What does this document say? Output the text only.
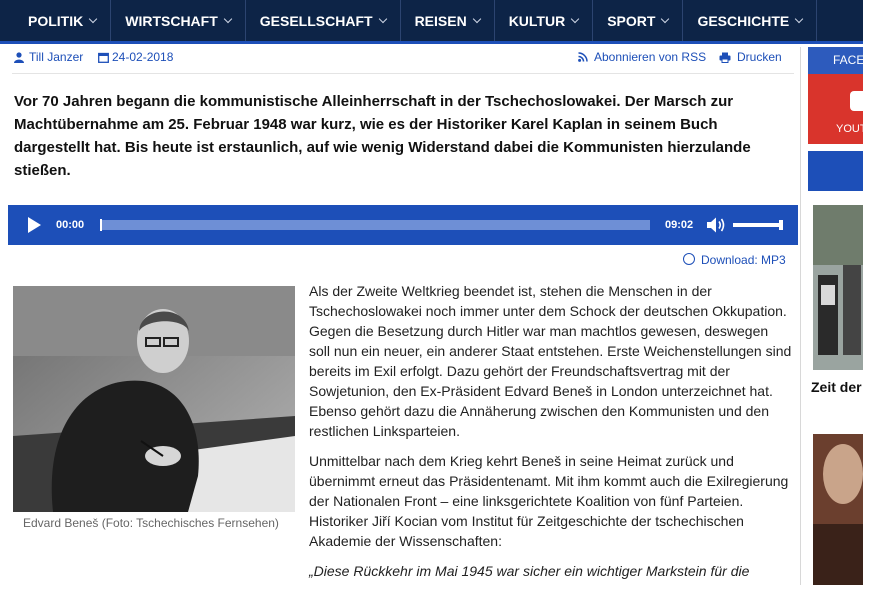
POLITIK	WIRTSCHAFT	GESELLSCHAFT	REISEN	KULTUR	SPORT	GESCHICHTE
Till Janzer 24-02-2018	Abonnieren von RSS	Drucken
Vor 70 Jahren begann die kommunistische Alleinherrschaft in der Tschechoslowakei. Der Marsch zur Machtübernahme am 25. Februar 1948 war kurz, wie es der Historiker Karel Kaplan in seinem Buch dargestellt hat. Bis heute ist erstaunlich, auf wie wenig Widerstand dabei die Kommunisten hierzulande stießen.
00:00	09:02
Download: MP3
Edvard Beneš (Foto: Tschechisches Fernsehen)

Als der Zweite Weltkrieg beendet ist, stehen die Menschen in der Tschechoslowakei noch immer unter dem Schock der deutschen Okkupation. Gegen die Besetzung durch Hitler war man machtlos gewesen, deswegen soll nun ein neuer, ein anderer Staat entstehen. Erste Weichenstellungen sind bereits im Exil erfolgt. Dazu gehört der Freundschaftsvertrag mit der Sowjetunion, den Ex-Präsident Edvard Beneš in London unterzeichnet hat. Ebenso gehört dazu die Annäherung zwischen den Kommunisten und den restlichen Linksparteien.

Unmittelbar nach dem Krieg kehrt Beneš in seine Heimat zurück und übernimmt erneut das Präsidentenamt. Mit ihm kommt auch die Exilregierung der Nationalen Front – eine linksgerichtete Koalition von fünf Parteien. Historiker Jiří Kocian vom Institut für Zeitgeschichte der tschechischen Akademie der Wissenschaften:

„Diese Rückkehr im Mai 1945 war sicher ein wichtiger Markstein für die

FACE
YOUT
Zeit der
